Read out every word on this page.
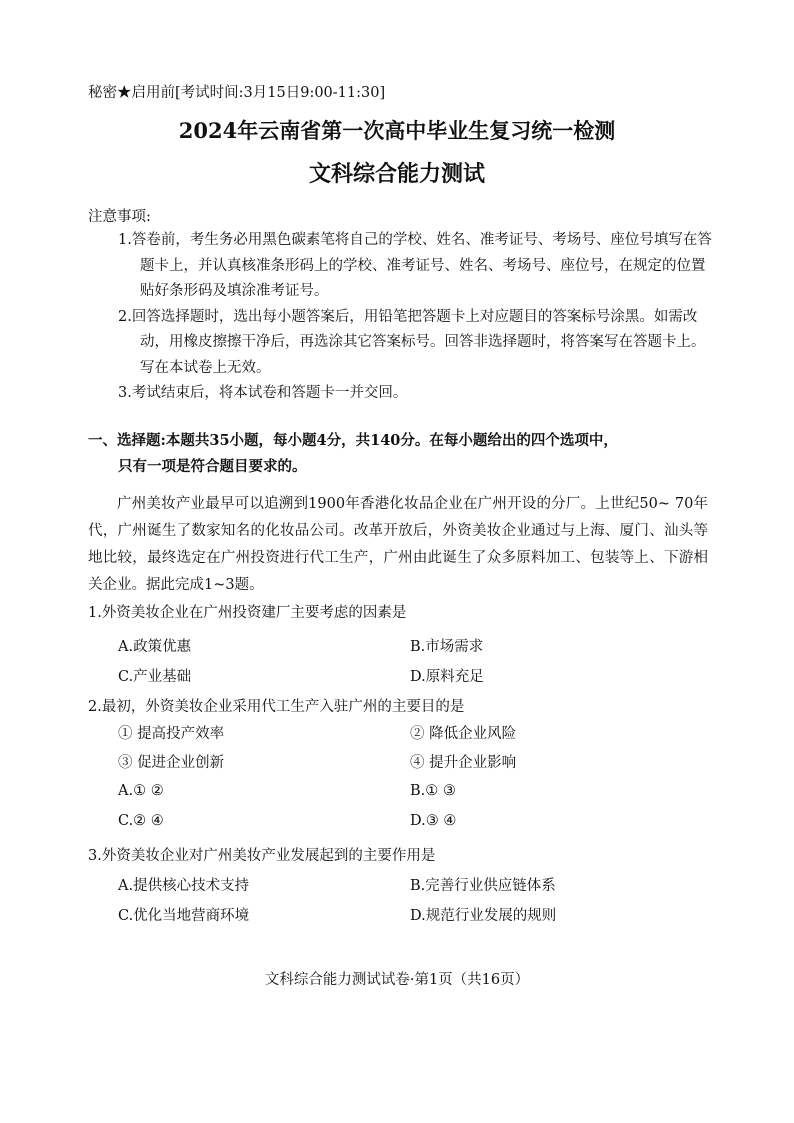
秘密★启用前[考试时间:3月15日9:00-11:30]
2024年云南省第一次高中毕业生复习统一检测
文科综合能力测试
注意事项:

1.答卷前，考生务必用黑色碳素笔将自己的学校、姓名、准考证号、考场号、座位号填写在答题卡上，并认真核准条形码上的学校、准考证号、姓名、考场号、座位号，在规定的位置贴好条形码及填涂准考证号。

2.回答选择题时，选出每小题答案后，用铅笔把答题卡上对应题目的答案标号涂黑。如需改动，用橡皮擦擦干净后，再选涂其它答案标号。回答非选择题时，将答案写在答题卡上。写在本试卷上无效。

3.考试结束后，将本试卷和答题卡一并交回。

一、选择题:本题共35小题，每小题4分，共140分。在每小题给出的四个选项中，
只有一项是符合题目要求的。
广州美妆产业最早可以追溯到1900年香港化妆品企业在广州开设的分厂。上世纪50~ 70年代，广州诞生了数家知名的化妆品公司。改革开放后，外资美妆企业通过与上海、厦门、汕头等地比较，最终选定在广州投资进行代工生产，广州由此诞生了众多原料加工、包装等上、下游相关企业。据此完成1~3题。
1.外资美妆企业在广州投资建厂主要考虑的因素是
A.政策优惠	B.市场需求
C.产业基础	D.原料充足
2.最初，外资美妆企业采用代工生产入驻广州的主要目的是
① 提高投产效率	② 降低企业风险
③ 促进企业创新	④ 提升企业影响
A.① ②	B.① ③
C.② ④	D.③ ④
3.外资美妆企业对广州美妆产业发展起到的主要作用是
A.提供核心技术支持	B.完善行业供应链体系
C.优化当地营商环境	D.规范行业发展的规则
文科综合能力测试试卷·第1页（共16页）
